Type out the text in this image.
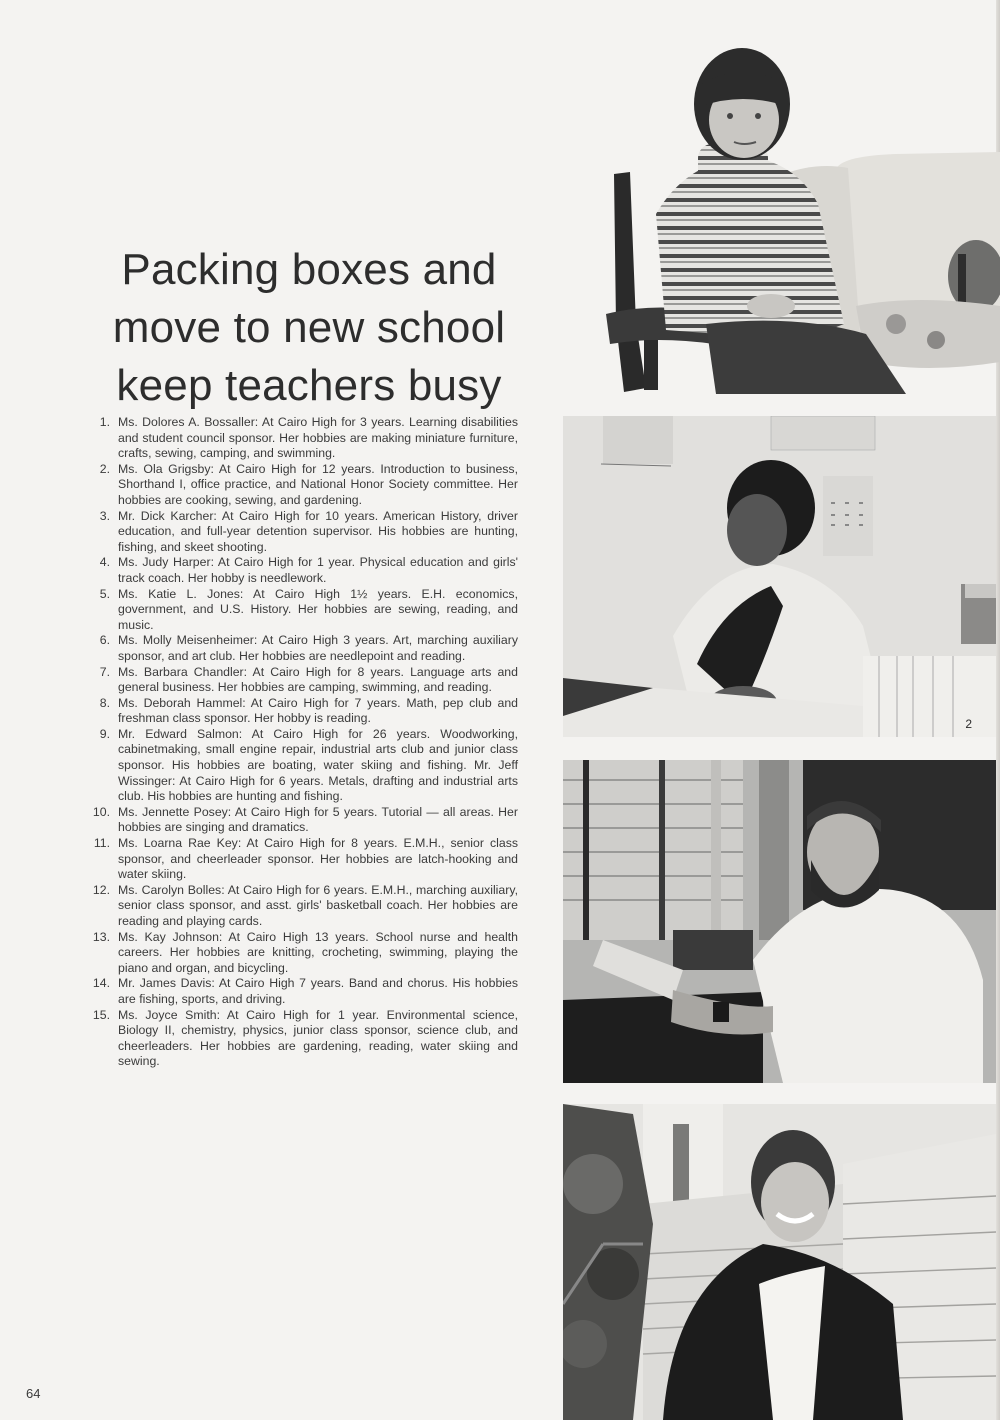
Packing boxes and
move to new school
keep teachers busy
1. Ms. Dolores A. Bossaller: At Cairo High for 3 years. Learning disabilities and student council sponsor. Her hobbies are making miniature furniture, crafts, sewing, camping, and swimming.
2. Ms. Ola Grigsby: At Cairo High for 12 years. Introduction to business, Shorthand I, office practice, and National Honor Society committee. Her hobbies are cooking, sewing, and gardening.
3. Mr. Dick Karcher: At Cairo High for 10 years. American History, driver education, and full-year detention supervisor. His hobbies are hunting, fishing, and skeet shooting.
4. Ms. Judy Harper: At Cairo High for 1 year. Physical education and girls' track coach. Her hobby is needlework.
5. Ms. Katie L. Jones: At Cairo High 1½ years. E.H. economics, government, and U.S. History. Her hobbies are sewing, reading, and music.
6. Ms. Molly Meisenheimer: At Cairo High 3 years. Art, marching auxiliary sponsor, and art club. Her hobbies are needlepoint and reading.
7. Ms. Barbara Chandler: At Cairo High for 8 years. Language arts and general business. Her hobbies are camping, swimming, and reading.
8. Ms. Deborah Hammel: At Cairo High for 7 years. Math, pep club and freshman class sponsor. Her hobby is reading.
9. Mr. Edward Salmon: At Cairo High for 26 years. Woodworking, cabinetmaking, small engine repair, industrial arts club and junior class sponsor. His hobbies are boating, water skiing and fishing. Mr. Jeff Wissinger: At Cairo High for 6 years. Metals, drafting and industrial arts club. His hobbies are hunting and fishing.
10. Ms. Jennette Posey: At Cairo High for 5 years. Tutorial — all areas. Her hobbies are singing and dramatics.
11. Ms. Loarna Rae Key: At Cairo High for 8 years. E.M.H., senior class sponsor, and cheerleader sponsor. Her hobbies are latch-hooking and water skiing.
12. Ms. Carolyn Bolles: At Cairo High for 6 years. E.M.H., marching auxiliary, senior class sponsor, and asst. girls' basketball coach. Her hobbies are reading and playing cards.
13. Ms. Kay Johnson: At Cairo High 13 years. School nurse and health careers. Her hobbies are knitting, crocheting, swimming, playing the piano and organ, and bicycling.
14. Mr. James Davis: At Cairo High 7 years. Band and chorus. His hobbies are fishing, sports, and driving.
15. Ms. Joyce Smith: At Cairo High for 1 year. Environmental science, Biology II, chemistry, physics, junior class sponsor, science club, and cheerleaders. Her hobbies are gardening, reading, water skiing and sewing.
64
2
